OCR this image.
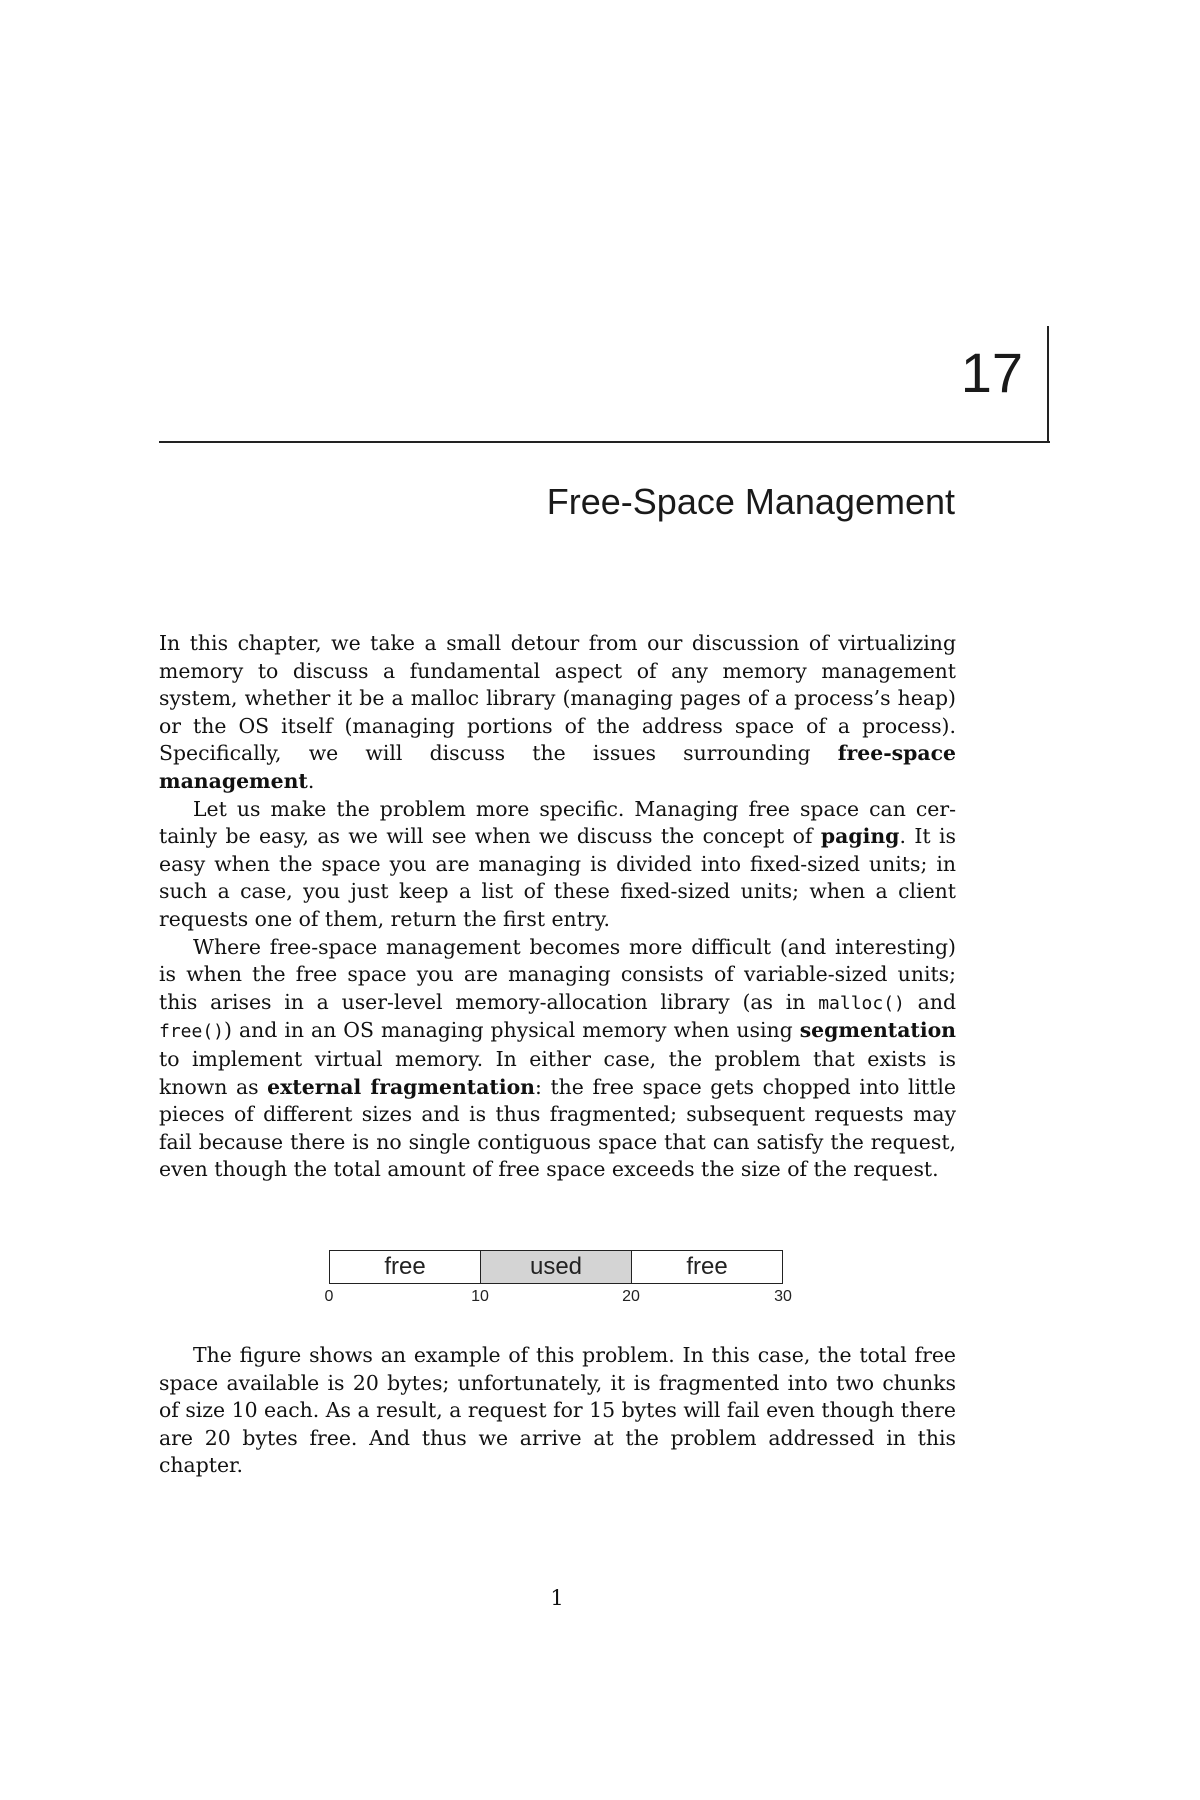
17
Free-Space Management

In this chapter, we take a small detour from our discussion of virtualizing memory to discuss a fundamental aspect of any memory management system, whether it be a malloc library (managing pages of a process’s heap) or the OS itself (managing portions of the address space of a process). Specifically, we will discuss the issues surrounding free-space management.

Let us make the problem more specific. Managing free space can certainly be easy, as we will see when we discuss the concept of paging. It is easy when the space you are managing is divided into fixed-sized units; in such a case, you just keep a list of these fixed-sized units; when a client requests one of them, return the first entry.

Where free-space management becomes more difficult (and interesting) is when the free space you are managing consists of variable-sized units; this arises in a user-level memory-allocation library (as in malloc() and free()) and in an OS managing physical memory when using segmentation to implement virtual memory. In either case, the problem that exists is known as external fragmentation: the free space gets chopped into little pieces of different sizes and is thus fragmented; subsequent requests may fail because there is no single contiguous space that can satisfy the request, even though the total amount of free space exceeds the size of the request.

free	used	free
0	10	20	30

The figure shows an example of this problem. In this case, the total free space available is 20 bytes; unfortunately, it is fragmented into two chunks of size 10 each. As a result, a request for 15 bytes will fail even though there are 20 bytes free. And thus we arrive at the problem addressed in this chapter.

1
